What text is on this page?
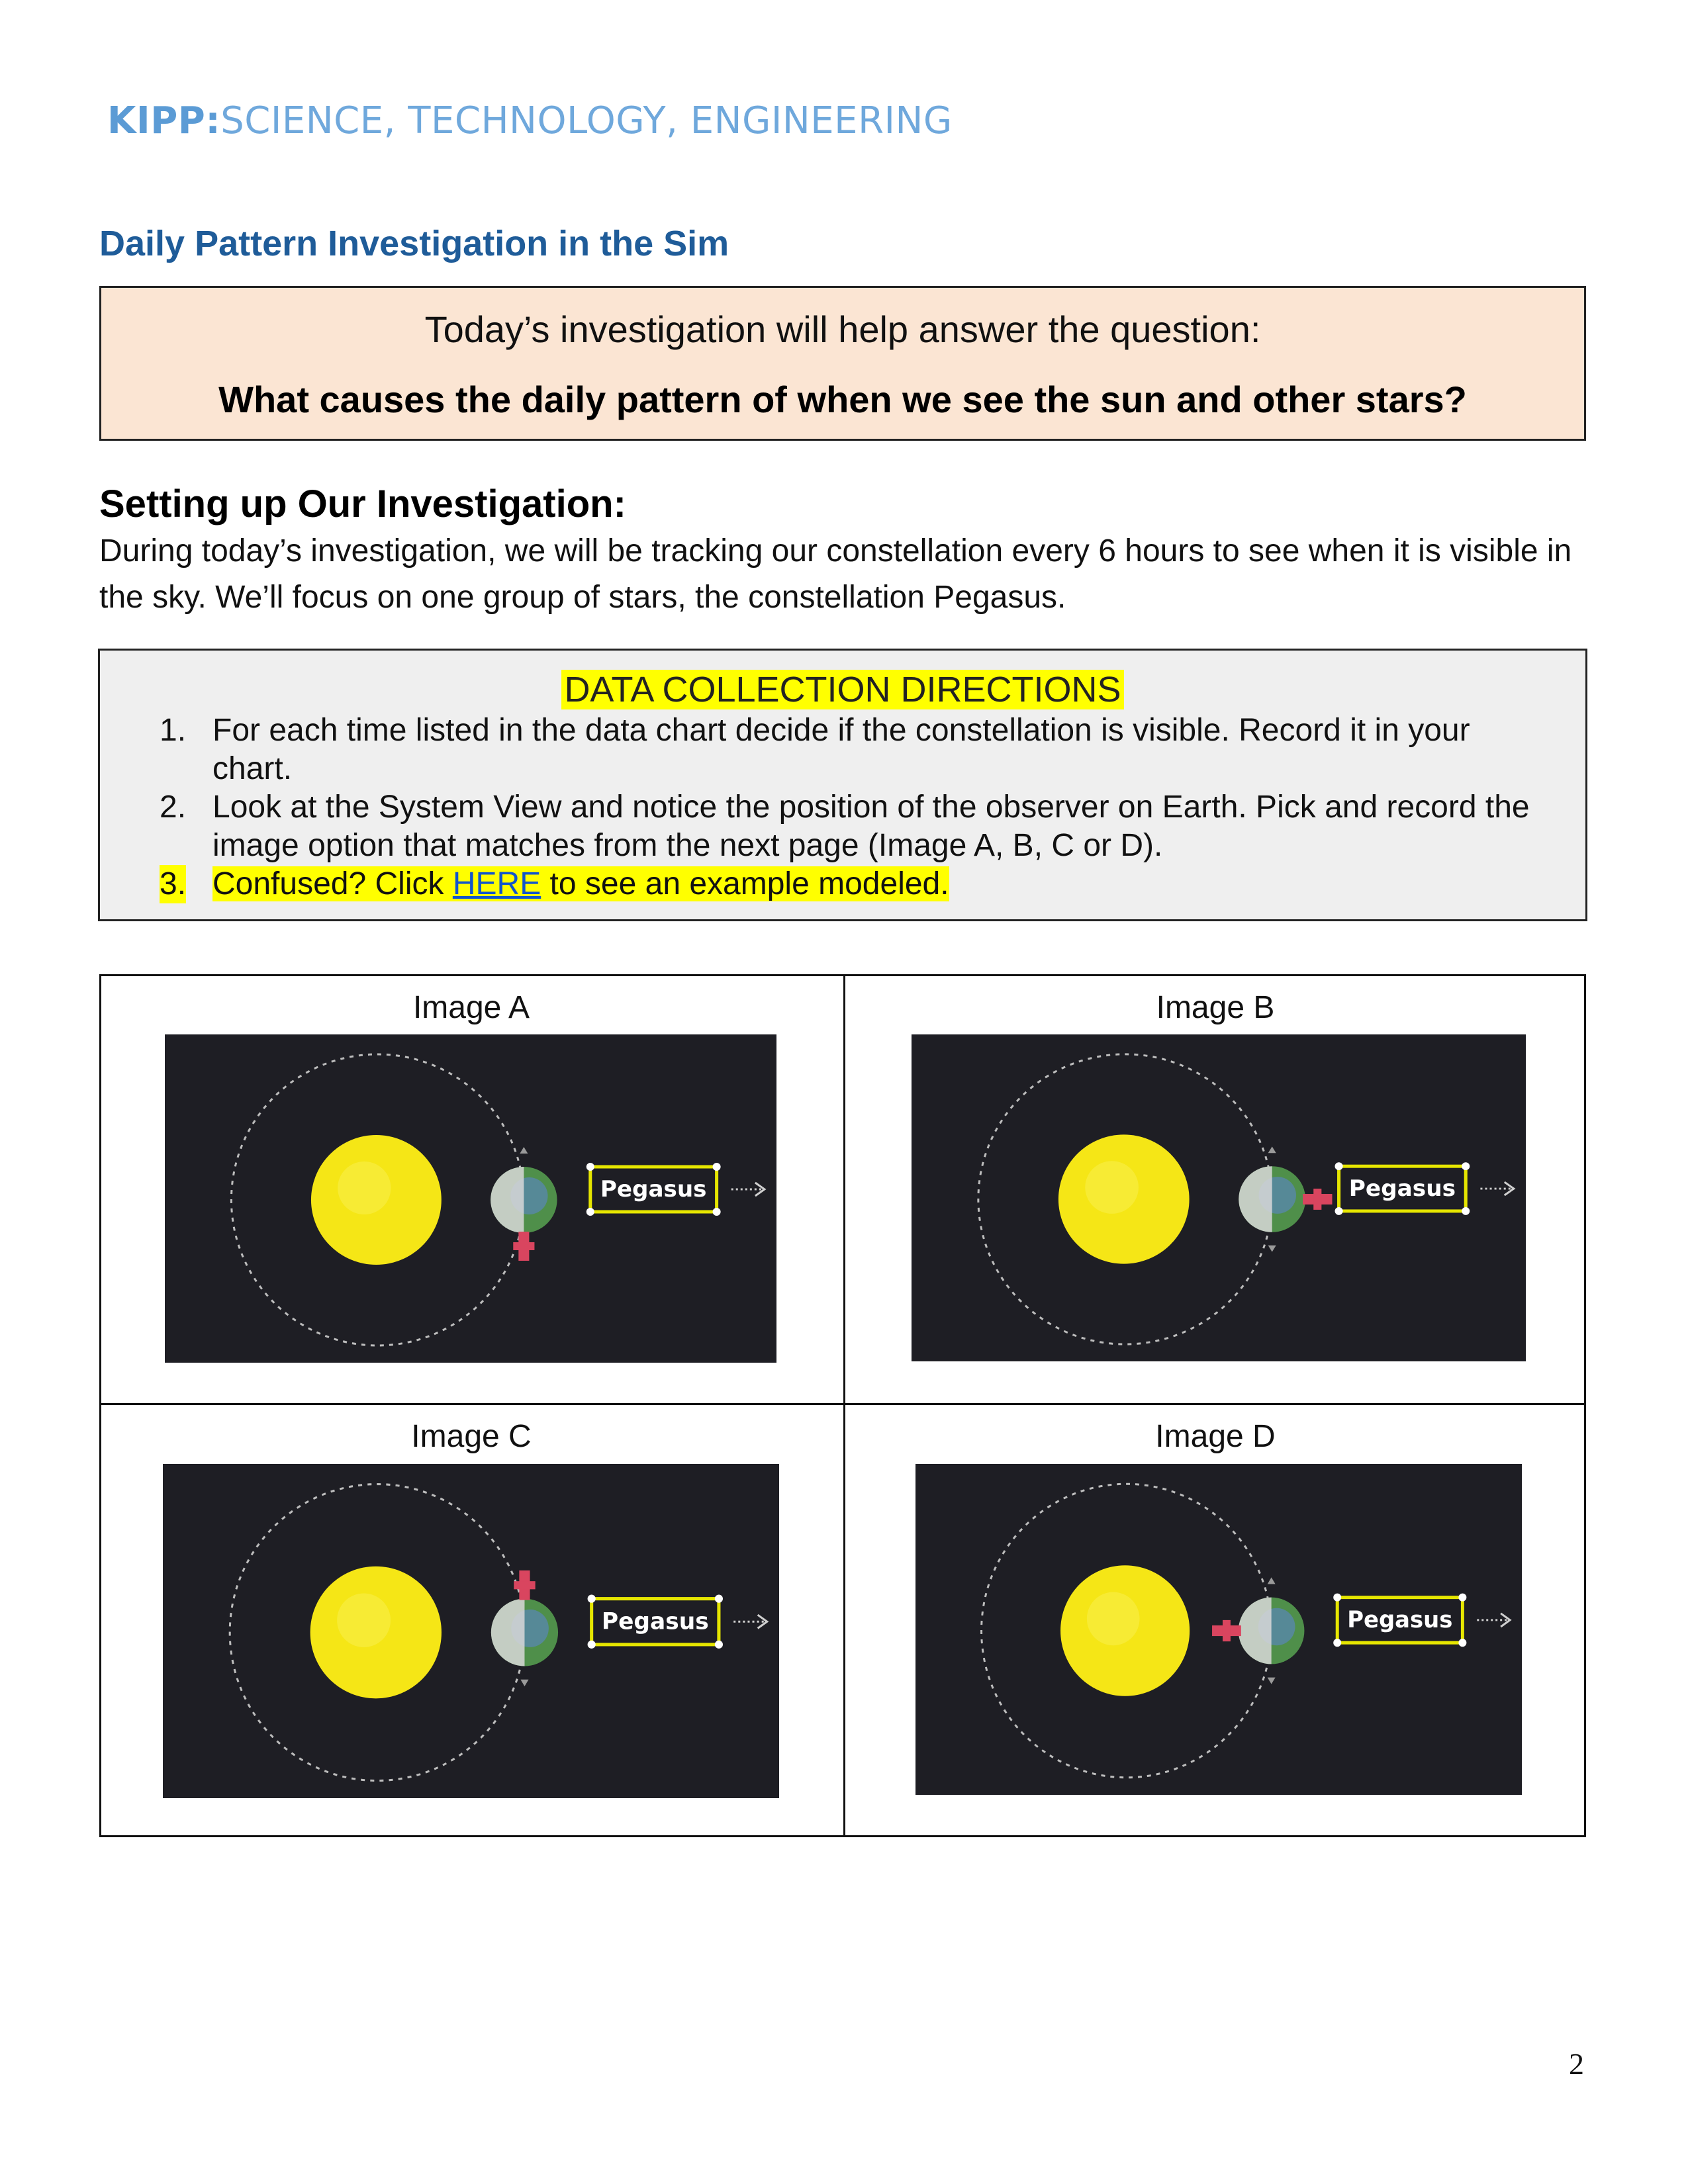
KIPP:SCIENCE, TECHNOLOGY, ENGINEERING
Daily Pattern Investigation in the Sim
Today’s investigation will help answer the question:
What causes the daily pattern of when we see the sun and other stars?
Setting up Our Investigation:
During today’s investigation, we will be tracking our constellation every 6 hours to see when it is visible in the sky. We’ll focus on one group of stars, the constellation Pegasus.
DATA COLLECTION DIRECTIONS
1. For each time listed in the data chart decide if the constellation is visible. Record it in your chart.
2. Look at the System View and notice the position of the observer on Earth. Pick and record the image option that matches from the next page (Image A, B, C or D).
3. Confused? Click HERE to see an example modeled.
Image A	Image B
Image C	Image D
Pegasus	Pegasus
Pegasus	Pegasus
2
